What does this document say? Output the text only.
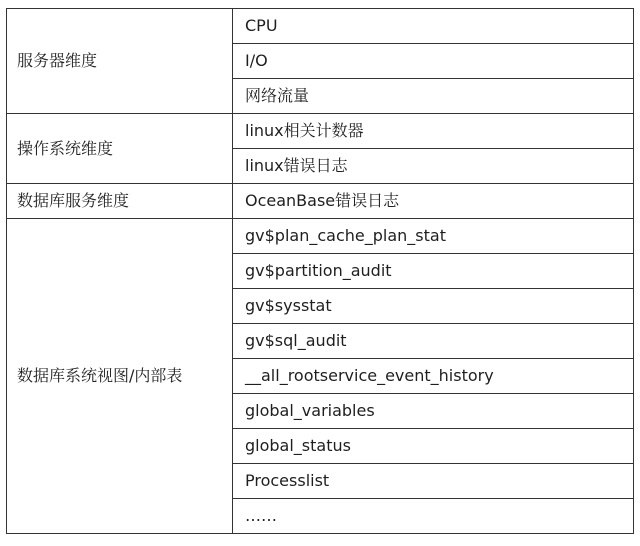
服务器维度	CPU
	I/O
	网络流量
操作系统维度	linux相关计数器
	linux错误日志
数据库服务维度	OceanBase错误日志
数据库系统视图/内部表	gv$plan_cache_plan_stat
	gv$partition_audit
	gv$sysstat
	gv$sql_audit
	__all_rootservice_event_history
	global_variables
	global_status
	Processlist
	……
